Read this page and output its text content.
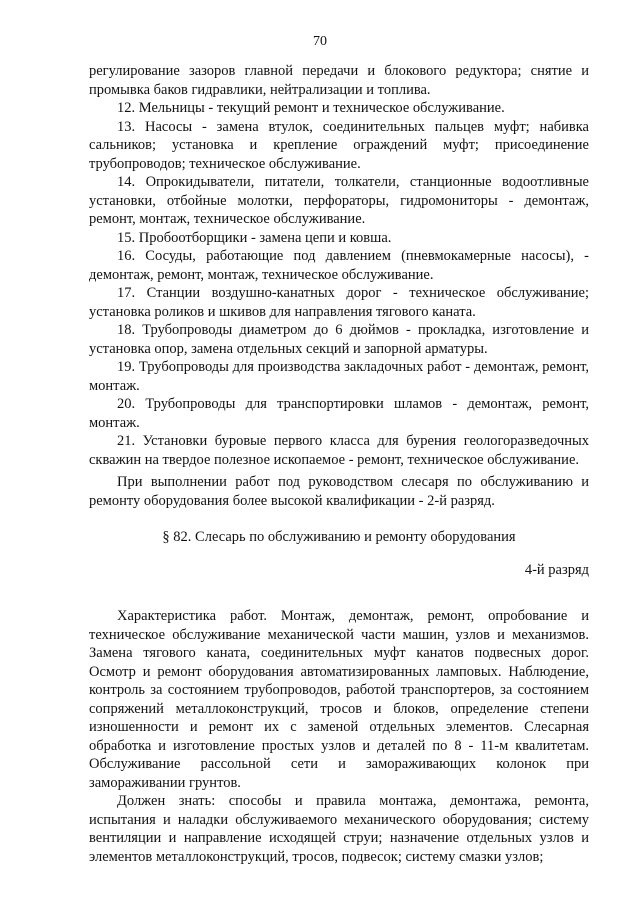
70

регулирование зазоров главной передачи и блокового редуктора; снятие и промывка баков гидравлики, нейтрализации и топлива.

12. Мельницы - текущий ремонт и техническое обслуживание.

13. Насосы - замена втулок, соединительных пальцев муфт; набивка сальников; установка и крепление ограждений муфт; присоединение трубопроводов; техническое обслуживание.

14. Опрокидыватели, питатели, толкатели, станционные водоотливные установки, отбойные молотки, перфораторы, гидромониторы - демонтаж, ремонт, монтаж, техническое обслуживание.

15. Пробоотборщики - замена цепи и ковша.

16. Сосуды, работающие под давлением (пневмокамерные насосы), - демонтаж, ремонт, монтаж, техническое обслуживание.

17. Станции воздушно-канатных дорог - техническое обслуживание; установка роликов и шкивов для направления тягового каната.

18. Трубопроводы диаметром до 6 дюймов - прокладка, изготовление и установка опор, замена отдельных секций и запорной арматуры.

19. Трубопроводы для производства закладочных работ - демонтаж, ремонт, монтаж.

20. Трубопроводы для транспортировки шламов - демонтаж, ремонт, монтаж.

21. Установки буровые первого класса для бурения геологоразведочных скважин на твердое полезное ископаемое - ремонт, техническое обслуживание.

При выполнении работ под руководством слесаря по обслуживанию и ремонту оборудования более высокой квалификации - 2-й разряд.

§ 82. Слесарь по обслуживанию и ремонту оборудования

4-й разряд

Характеристика работ. Монтаж, демонтаж, ремонт, опробование и техническое обслуживание механической части машин, узлов и механизмов. Замена тягового каната, соединительных муфт канатов подвесных дорог. Осмотр и ремонт оборудования автоматизированных ламповых. Наблюдение, контроль за состоянием трубопроводов, работой транспортеров, за состоянием сопряжений металлоконструкций, тросов и блоков, определение степени изношенности и ремонт их с заменой отдельных элементов. Слесарная обработка и изготовление простых узлов и деталей по 8 - 11-м квалитетам. Обслуживание рассольной сети и замораживающих колонок при замораживании грунтов.

Должен знать: способы и правила монтажа, демонтажа, ремонта, испытания и наладки обслуживаемого механического оборудования; систему вентиляции и направление исходящей струи; назначение отдельных узлов и элементов металлоконструкций, тросов, подвесок; систему смазки узлов;
